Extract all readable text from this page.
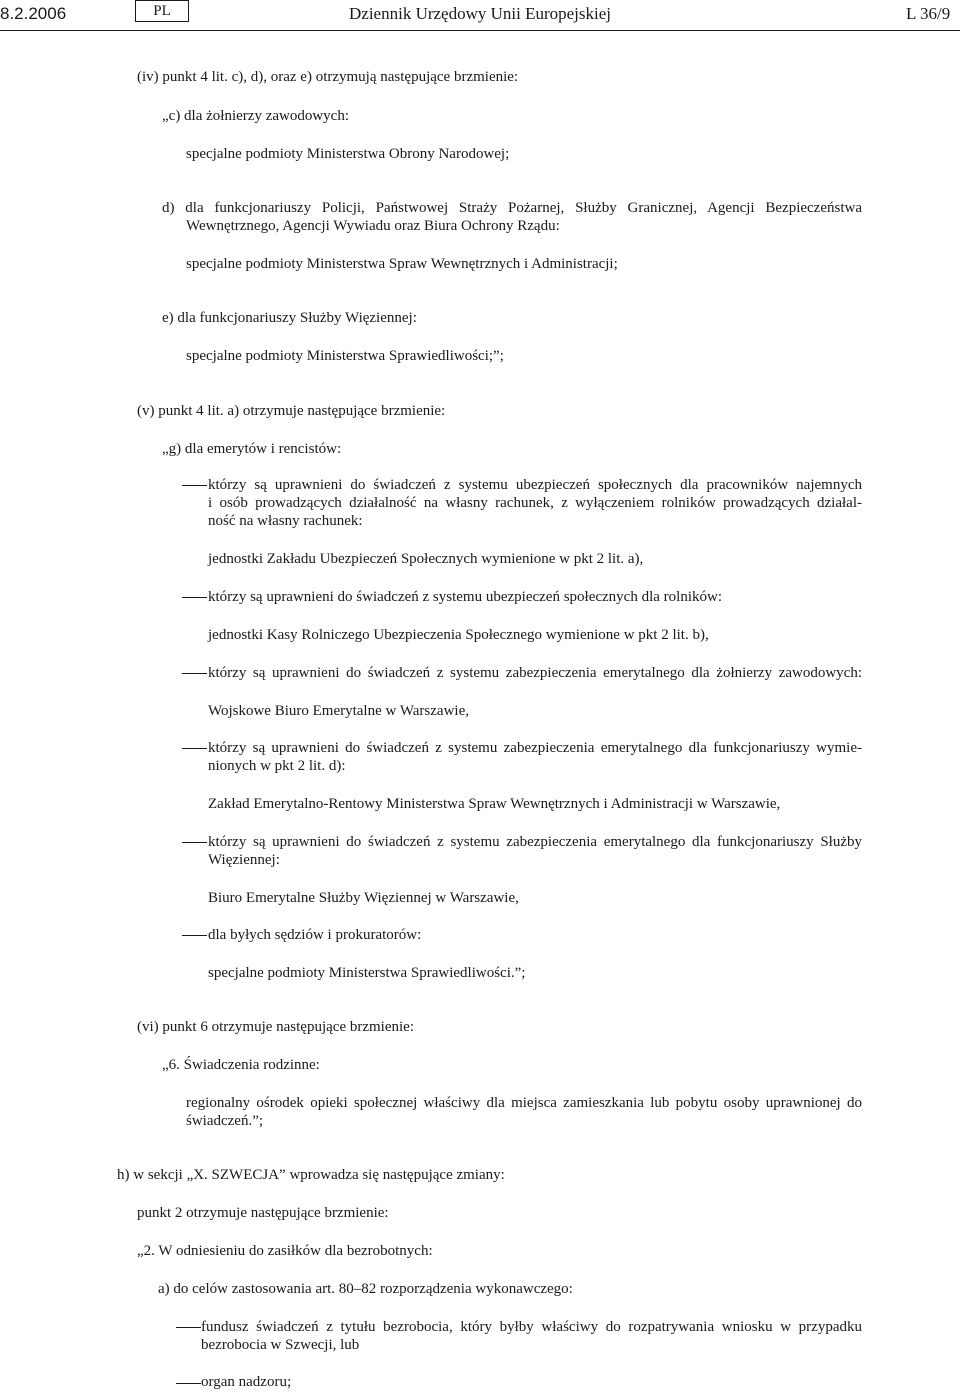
8.2.2006	PL	Dziennik Urzędowy Unii Europejskiej	L 36/9
(iv) punkt 4 lit. c), d), oraz e) otrzymują następujące brzmienie:
„c) dla żołnierzy zawodowych:
specjalne podmioty Ministerstwa Obrony Narodowej;
d) dla funkcjonariuszy Policji, Państwowej Straży Pożarnej, Służby Granicznej, Agencji Bezpieczeństwa
Wewnętrznego, Agencji Wywiadu oraz Biura Ochrony Rządu:
specjalne podmioty Ministerstwa Spraw Wewnętrznych i Administracji;
e) dla funkcjonariuszy Służby Więziennej:
specjalne podmioty Ministerstwa Sprawiedliwości;”;
(v) punkt 4 lit. a) otrzymuje następujące brzmienie:
„g) dla emerytów i rencistów:
którzy są uprawnieni do świadczeń z systemu ubezpieczeń społecznych dla pracowników najemnych
i osób prowadzących działalność na własny rachunek, z wyłączeniem rolników prowadzących działal-
ność na własny rachunek:
jednostki Zakładu Ubezpieczeń Społecznych wymienione w pkt 2 lit. a),
którzy są uprawnieni do świadczeń z systemu ubezpieczeń społecznych dla rolników:
jednostki Kasy Rolniczego Ubezpieczenia Społecznego wymienione w pkt 2 lit. b),
którzy są uprawnieni do świadczeń z systemu zabezpieczenia emerytalnego dla żołnierzy zawodowych:
Wojskowe Biuro Emerytalne w Warszawie,
którzy są uprawnieni do świadczeń z systemu zabezpieczenia emerytalnego dla funkcjonariuszy wymie-
nionych w pkt 2 lit. d):
Zakład Emerytalno-Rentowy Ministerstwa Spraw Wewnętrznych i Administracji w Warszawie,
którzy są uprawnieni do świadczeń z systemu zabezpieczenia emerytalnego dla funkcjonariuszy Służby
Więziennej:
Biuro Emerytalne Służby Więziennej w Warszawie,
dla byłych sędziów i prokuratorów:
specjalne podmioty Ministerstwa Sprawiedliwości.”;
(vi) punkt 6 otrzymuje następujące brzmienie:
„6. Świadczenia rodzinne:
regionalny ośrodek opieki społecznej właściwy dla miejsca zamieszkania lub pobytu osoby uprawnionej do
świadczeń.”;
h) w sekcji „X. SZWECJA” wprowadza się następujące zmiany:
punkt 2 otrzymuje następujące brzmienie:
„2. W odniesieniu do zasiłków dla bezrobotnych:
a) do celów zastosowania art. 80–82 rozporządzenia wykonawczego:
fundusz świadczeń z tytułu bezrobocia, który byłby właściwy do rozpatrywania wniosku w przypadku
bezrobocia w Szwecji, lub
organ nadzoru;
